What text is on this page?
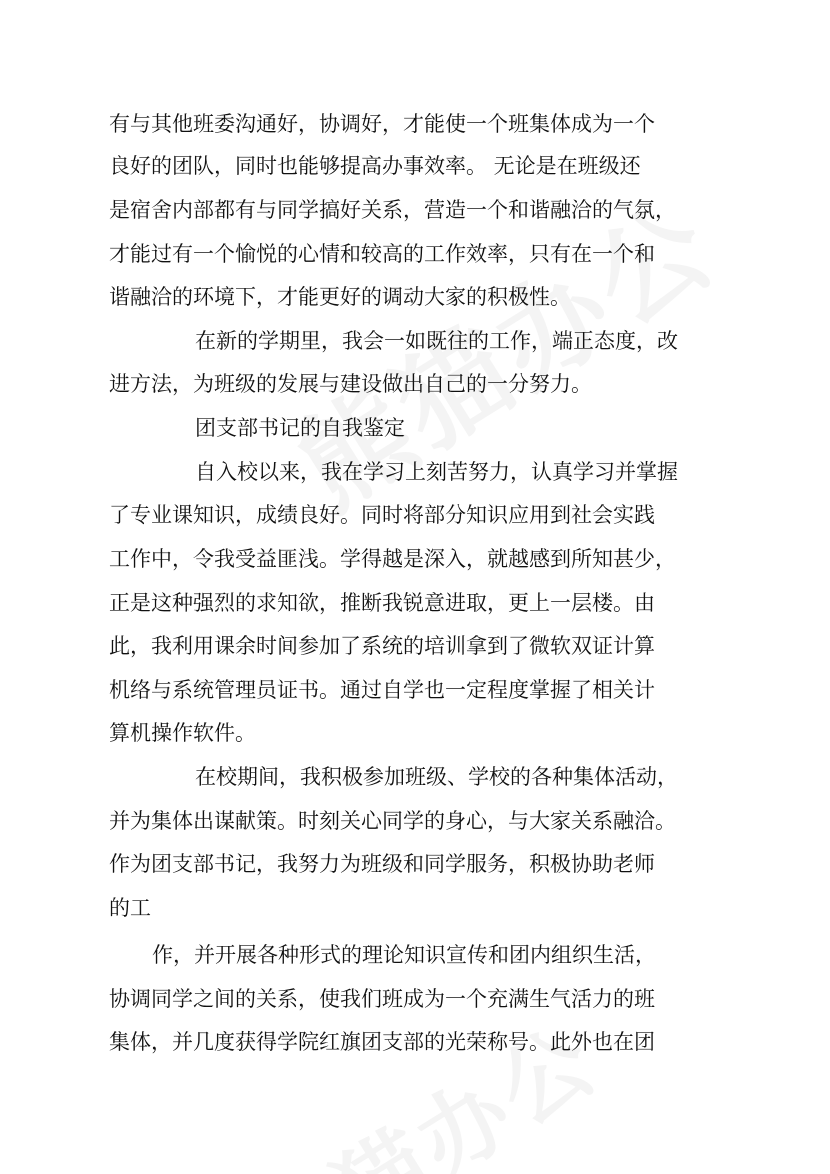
有与其他班委沟通好，协调好，才能使一个班集体成为一个
良好的团队，同时也能够提高办事效率。 无论是在班级还
是宿舍内部都有与同学搞好关系，营造一个和谐融洽的气氛，
才能过有一个愉悦的心情和较高的工作效率，只有在一个和
谐融洽的环境下，才能更好的调动大家的积极性。
在新的学期里，我会一如既往的工作，端正态度，改
进方法，为班级的发展与建设做出自己的一分努力。
团支部书记的自我鉴定
自入校以来，我在学习上刻苦努力，认真学习并掌握
了专业课知识，成绩良好。同时将部分知识应用到社会实践
工作中，令我受益匪浅。学得越是深入，就越感到所知甚少，
正是这种强烈的求知欲，推断我锐意进取，更上一层楼。由
此，我利用课余时间参加了系统的培训拿到了微软双证计算
机络与系统管理员证书。通过自学也一定程度掌握了相关计
算机操作软件。
在校期间，我积极参加班级、学校的各种集体活动，
并为集体出谋献策。时刻关心同学的身心，与大家关系融洽。
作为团支部书记，我努力为班级和同学服务，积极协助老师
的工
作，并开展各种形式的理论知识宣传和团内组织生活，
协调同学之间的关系，使我们班成为一个充满生气活力的班
集体，并几度获得学院红旗团支部的光荣称号。此外也在团
